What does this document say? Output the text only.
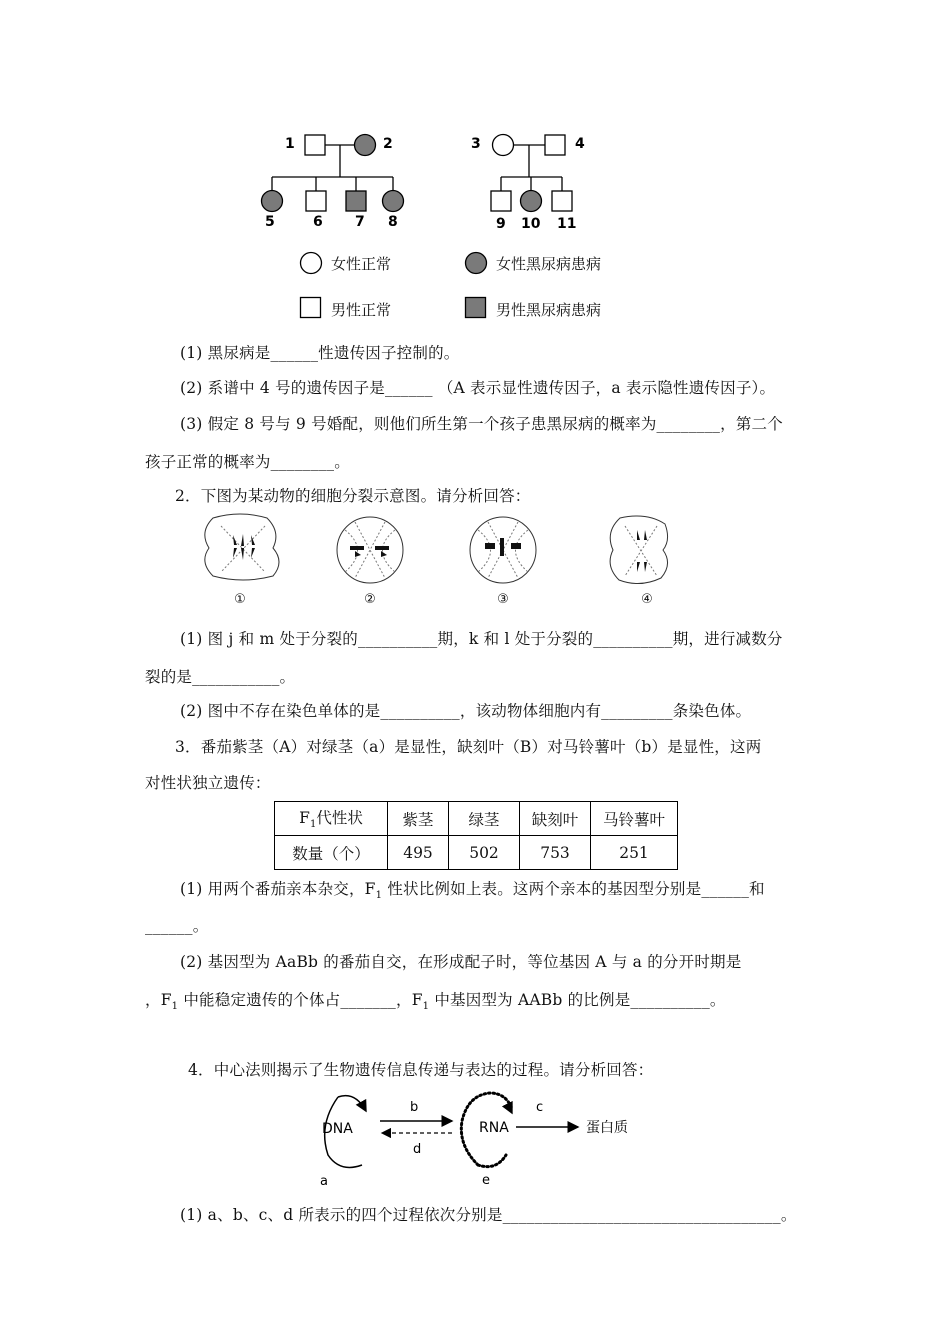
1	2	3	4
5	6 7 8	9 10 11
女性正常	女性黑尿病患病
男性正常	男性黑尿病患病
(1) 黑尿病是______性遗传因子控制的。
(2) 系谱中 4 号的遗传因子是______ （A 表示显性遗传因子，a 表示隐性遗传因子）。
(3) 假定 8 号与 9 号婚配，则他们所生第一个孩子患黑尿病的概率为________，第二个
孩子正常的概率为________。
2．下图为某动物的细胞分裂示意图。请分析回答：
①	②	③	④
(1) 图 j 和 m 处于分裂的__________期，k 和 l 处于分裂的__________期，进行减数分
裂的是___________。
(2) 图中不存在染色单体的是__________，该动物体细胞内有_________条染色体。
3．番茄紫茎（A）对绿茎（a）是显性，缺刻叶（B）对马铃薯叶（b）是显性，这两
对性状独立遗传：
$F_1$代性状	紫茎	绿茎	缺刻叶	马铃薯叶
数量（个）	495	502	753	251
(1) 用两个番茄亲本杂交，$F_1$ 性状比例如上表。这两个亲本的基因型分别是______和
______。
(2) 基因型为 AaBb 的番茄自交，在形成配子时，等位基因 A 与 a 的分开时期是
，$F_1$ 中能稳定遗传的个体占_______，$F_1$ 中基因型为 AABb 的比例是__________。
4．中心法则揭示了生物遗传信息传递与表达的过程。请分析回答：
DNA
a
b
d
RNA
e
c
蛋白质
(1) a、b、c、d 所表示的四个过程依次分别是___________________________________。
